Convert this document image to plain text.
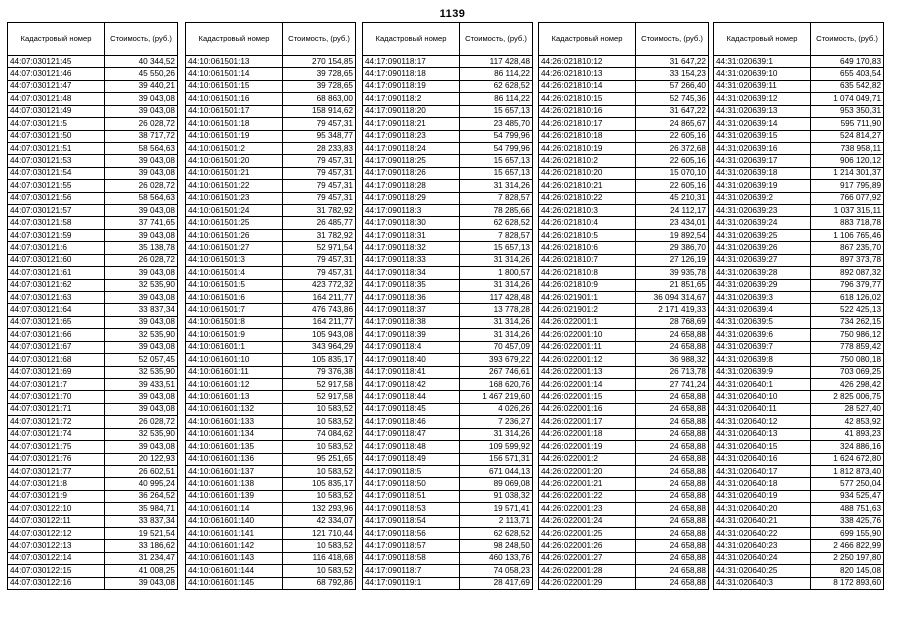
1139
Кадастровый номер	Стоимость, (руб.)
44:07:030121:45	40 344,52
44:07:030121:46	45 550,26
44:07:030121:47	39 440,21
44:07:030121:48	39 043,08
44:07:030121:49	39 043,08
44:07:030121:5	26 028,72
44:07:030121:50	38 717,72
44:07:030121:51	58 564,63
44:07:030121:53	39 043,08
44:07:030121:54	39 043,08
44:07:030121:55	26 028,72
44:07:030121:56	58 564,63
44:07:030121:57	39 043,08
44:07:030121:58	37 741,65
44:07:030121:59	39 043,08
44:07:030121:6	35 138,78
44:07:030121:60	26 028,72
44:07:030121:61	39 043,08
44:07:030121:62	32 535,90
44:07:030121:63	39 043,08
44:07:030121:64	33 837,34
44:07:030121:65	39 043,08
44:07:030121:66	32 535,90
44:07:030121:67	39 043,08
44:07:030121:68	52 057,45
44:07:030121:69	32 535,90
44:07:030121:7	39 433,51
44:07:030121:70	39 043,08
44:07:030121:71	39 043,08
44:07:030121:72	26 028,72
44:07:030121:74	32 535,90
44:07:030121:75	39 043,08
44:07:030121:76	20 122,93
44:07:030121:77	26 602,51
44:07:030121:8	40 995,24
44:07:030121:9	36 264,52
44:07:030122:10	35 984,71
44:07:030122:11	33 837,34
44:07:030122:12	19 521,54
44:07:030122:13	33 186,62
44:07:030122:14	31 234,47
44:07:030122:15	41 008,25
44:07:030122:16	39 043,08
Кадастровый номер	Стоимость, (руб.)
44:10:061501:13	270 154,85
44:10:061501:14	39 728,65
44:10:061501:15	39 728,65
44:10:061501:16	68 863,00
44:10:061501:17	158 914,62
44:10:061501:18	79 457,31
44:10:061501:19	95 348,77
44:10:061501:2	28 233,83
44:10:061501:20	79 457,31
44:10:061501:21	79 457,31
44:10:061501:22	79 457,31
44:10:061501:23	79 457,31
44:10:061501:24	31 782,92
44:10:061501:25	26 485,77
44:10:061501:26	31 782,92
44:10:061501:27	52 971,54
44:10:061501:3	79 457,31
44:10:061501:4	79 457,31
44:10:061501:5	423 772,32
44:10:061501:6	164 211,77
44:10:061501:7	476 743,86
44:10:061501:8	164 211,77
44:10:061501:9	105 943,08
44:10:061601:1	343 964,29
44:10:061601:10	105 835,17
44:10:061601:11	79 376,38
44:10:061601:12	52 917,58
44:10:061601:13	52 917,58
44:10:061601:132	10 583,52
44:10:061601:133	10 583,52
44:10:061601:134	74 084,62
44:10:061601:135	10 583,52
44:10:061601:136	95 251,65
44:10:061601:137	10 583,52
44:10:061601:138	105 835,17
44:10:061601:139	10 583,52
44:10:061601:14	132 293,96
44:10:061601:140	42 334,07
44:10:061601:141	121 710,44
44:10:061601:142	10 583,52
44:10:061601:143	116 418,68
44:10:061601:144	10 583,52
44:10:061601:145	68 792,86
Кадастровый номер	Стоимость, (руб.)
44:17:090118:17	117 428,48
44:17:090118:18	86 114,22
44:17:090118:19	62 628,52
44:17:090118:2	86 114,22
44:17:090118:20	15 657,13
44:17:090118:21	23 485,70
44:17:090118:23	54 799,96
44:17:090118:24	54 799,96
44:17:090118:25	15 657,13
44:17:090118:26	15 657,13
44:17:090118:28	31 314,26
44:17:090118:29	7 828,57
44:17:090118:3	78 285,66
44:17:090118:30	62 628,52
44:17:090118:31	7 828,57
44:17:090118:32	15 657,13
44:17:090118:33	31 314,26
44:17:090118:34	1 800,57
44:17:090118:35	31 314,26
44:17:090118:36	117 428,48
44:17:090118:37	13 778,28
44:17:090118:38	31 314,26
44:17:090118:39	31 314,26
44:17:090118:4	70 457,09
44:17:090118:40	393 679,22
44:17:090118:41	267 746,61
44:17:090118:42	168 620,76
44:17:090118:44	1 467 219,60
44:17:090118:45	4 026,26
44:17:090118:46	7 236,27
44:17:090118:47	31 314,26
44:17:090118:48	109 599,92
44:17:090118:49	156 571,31
44:17:090118:5	671 044,13
44:17:090118:50	89 069,08
44:17:090118:51	91 038,32
44:17:090118:53	19 571,41
44:17:090118:54	2 113,71
44:17:090118:56	62 628,52
44:17:090118:57	98 248,50
44:17:090118:58	460 133,76
44:17:090118:7	74 058,23
44:17:090119:1	28 417,69
Кадастровый номер	Стоимость, (руб.)
44:26:021810:12	31 647,22
44:26:021810:13	33 154,23
44:26:021810:14	57 266,40
44:26:021810:15	52 745,36
44:26:021810:16	31 647,22
44:26:021810:17	24 865,67
44:26:021810:18	22 605,16
44:26:021810:19	26 372,68
44:26:021810:2	22 605,16
44:26:021810:20	15 070,10
44:26:021810:21	22 605,16
44:26:021810:22	45 210,31
44:26:021810:3	24 112,17
44:26:021810:4	23 434,01
44:26:021810:5	19 892,54
44:26:021810:6	29 386,70
44:26:021810:7	27 126,19
44:26:021810:8	39 935,78
44:26:021810:9	21 851,65
44:26:021901:1	36 094 314,67
44:26:021901:2	2 171 419,33
44:26:022001:1	28 768,69
44:26:022001:10	24 658,88
44:26:022001:11	24 658,88
44:26:022001:12	36 988,32
44:26:022001:13	26 713,78
44:26:022001:14	27 741,24
44:26:022001:15	24 658,88
44:26:022001:16	24 658,88
44:26:022001:17	24 658,88
44:26:022001:18	24 658,88
44:26:022001:19	24 658,88
44:26:022001:2	24 658,88
44:26:022001:20	24 658,88
44:26:022001:21	24 658,88
44:26:022001:22	24 658,88
44:26:022001:23	24 658,88
44:26:022001:24	24 658,88
44:26:022001:25	24 658,88
44:26:022001:26	24 658,88
44:26:022001:27	24 658,88
44:26:022001:28	24 658,88
44:26:022001:29	24 658,88
Кадастровый номер	Стоимость, (руб.)
44:31:020639:1	649 170,83
44:31:020639:10	655 403,54
44:31:020639:11	635 542,82
44:31:020639:12	1 074 049,71
44:31:020639:13	953 350,31
44:31:020639:14	595 711,90
44:31:020639:15	524 814,27
44:31:020639:16	738 958,11
44:31:020639:17	906 120,12
44:31:020639:18	1 214 301,37
44:31:020639:19	917 795,89
44:31:020639:2	766 077,92
44:31:020639:23	1 037 315,11
44:31:020639:24	883 718,78
44:31:020639:25	1 106 765,46
44:31:020639:26	867 235,70
44:31:020639:27	897 373,78
44:31:020639:28	892 087,32
44:31:020639:29	796 379,77
44:31:020639:3	618 126,02
44:31:020639:4	522 425,13
44:31:020639:5	734 262,15
44:31:020639:6	750 986,12
44:31:020639:7	778 859,42
44:31:020639:8	750 080,18
44:31:020639:9	703 069,25
44:31:020640:1	426 298,42
44:31:020640:10	2 825 006,75
44:31:020640:11	28 527,40
44:31:020640:12	42 853,92
44:31:020640:13	41 893,23
44:31:020640:15	324 886,16
44:31:020640:16	1 624 672,80
44:31:020640:17	1 812 873,40
44:31:020640:18	577 250,04
44:31:020640:19	934 525,47
44:31:020640:20	488 751,63
44:31:020640:21	338 425,76
44:31:020640:22	699 155,90
44:31:020640:23	2 466 822,99
44:31:020640:24	2 250 197,80
44:31:020640:25	820 145,08
44:31:020640:3	8 172 893,60
